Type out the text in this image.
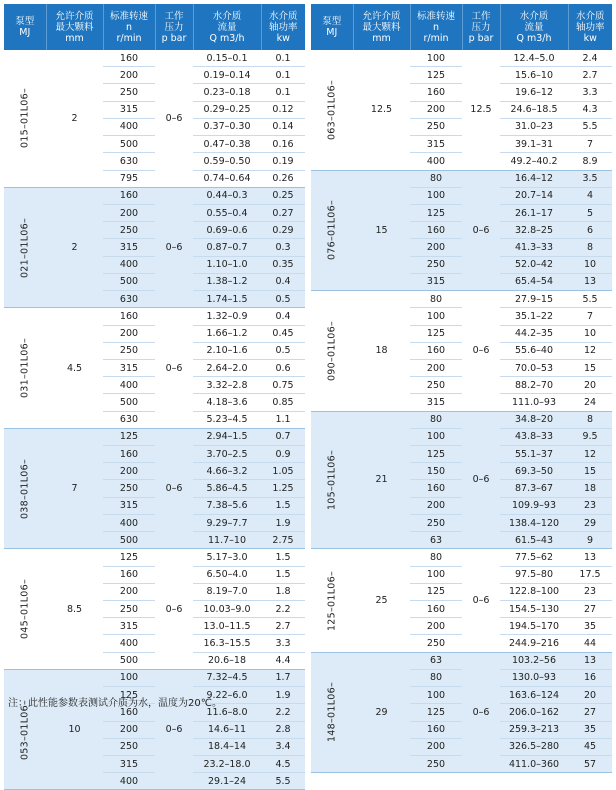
泵型
MJ	允许介质
最大颗料
mm	标准转速
n
r/min	工作
压力
p bar	水介质
流量
Q m3/h	水介质
轴功率
kw

015–01L06–	2	160	0–6	0.15–0.1	0.1
		200		0.19–0.14	0.1
		250		0.23–0.18	0.1
		315		0.29–0.25	0.12
		400		0.37–0.30	0.14
		500		0.47–0.38	0.16
		630		0.59–0.50	0.19
		795		0.74–0.64	0.26

021–01L06–	2	160	0–6	0.44–0.3	0.25
		200		0.55–0.4	0.27
		250		0.69–0.6	0.29
		315		0.87–0.7	0.3
		400		1.10–1.0	0.35
		500		1.38–1.2	0.4
		630		1.74–1.5	0.5

031–01L06–	4.5	160	0–6	1.32–0.9	0.4
		200		1.66–1.2	0.45
		250		2.10–1.6	0.5
		315		2.64–2.0	0.6
		400		3.32–2.8	0.75
		500		4.18–3.6	0.85
		630		5.23–4.5	1.1

038–01L06–	7	125	0–6	2.94–1.5	0.7
		160		3.70–2.5	0.9
		200		4.66–3.2	1.05
		250		5.86–4.5	1.25
		315		7.38–5.6	1.5
		400		9.29–7.7	1.9
		500		11.7–10	2.75

045–01L06–	8.5	125	0–6	5.17–3.0	1.5
		160		6.50–4.0	1.5
		200		8.19–7.0	1.8
		250		10.03–9.0	2.2
		315		13.0–11.5	2.7
		400		16.3–15.5	3.3
		500		20.6–18	4.4

053–01L06–	10	100	0–6	7.32–4.5	1.7
		125		9.22–6.0	1.9
		160		11.6–8.0	2.2
		200		14.6–11	2.8
		250		18.4–14	3.4
		315		23.2–18.0	4.5
		400		29.1–24	5.5
泵型
MJ	允许介质
最大颗料
mm	标准转速
n
r/min	工作
压力
p bar	水介质
流量
Q m3/h	水介质
轴功率
kw

063–01L06–	12.5	100	12.5	12.4–5.0	2.4
		125		15.6–10	2.7
		160		19.6–12	3.3
		200		24.6–18.5	4.3
		250		31.0–23	5.5
		315		39.1–31	7
		400		49.2–40.2	8.9

076–01L06–	15	80	0–6	16.4–12	3.5
		100		20.7–14	4
		125		26.1–17	5
		160		32.8–25	6
		200		41.3–33	8
		250		52.0–42	10
		315		65.4–54	13

090–01L06–	18	80	0–6	27.9–15	5.5
		100		35.1–22	7
		125		44.2–35	10
		160		55.6–40	12
		200		70.0–53	15
		250		88.2–70	20
		315		111.0–93	24

105–01L06–	21	80	0–6	34.8–20	8
		100		43.8–33	9.5
		125		55.1–37	12
		150		69.3–50	15
		160		87.3–67	18
		200		109.9–93	23
		250		138.4–120	29
		63		61.5–43	9

125–01L06–	25	80	0–6	77.5–62	13
		100		97.5–80	17.5
		125		122.8–100	23
		160		154.5–130	27
		200		194.5–170	35
		250		244.9–216	44

148–01L06–	29	63	0–6	103.2–56	13
		80		130.0–93	16
		100		163.6–124	20
		125		206.0–162	27
		160		259.3–213	35
		200		326.5–280	45
		250		411.0–360	57
注：此性能参数表测试介质为水，温度为20℃。
